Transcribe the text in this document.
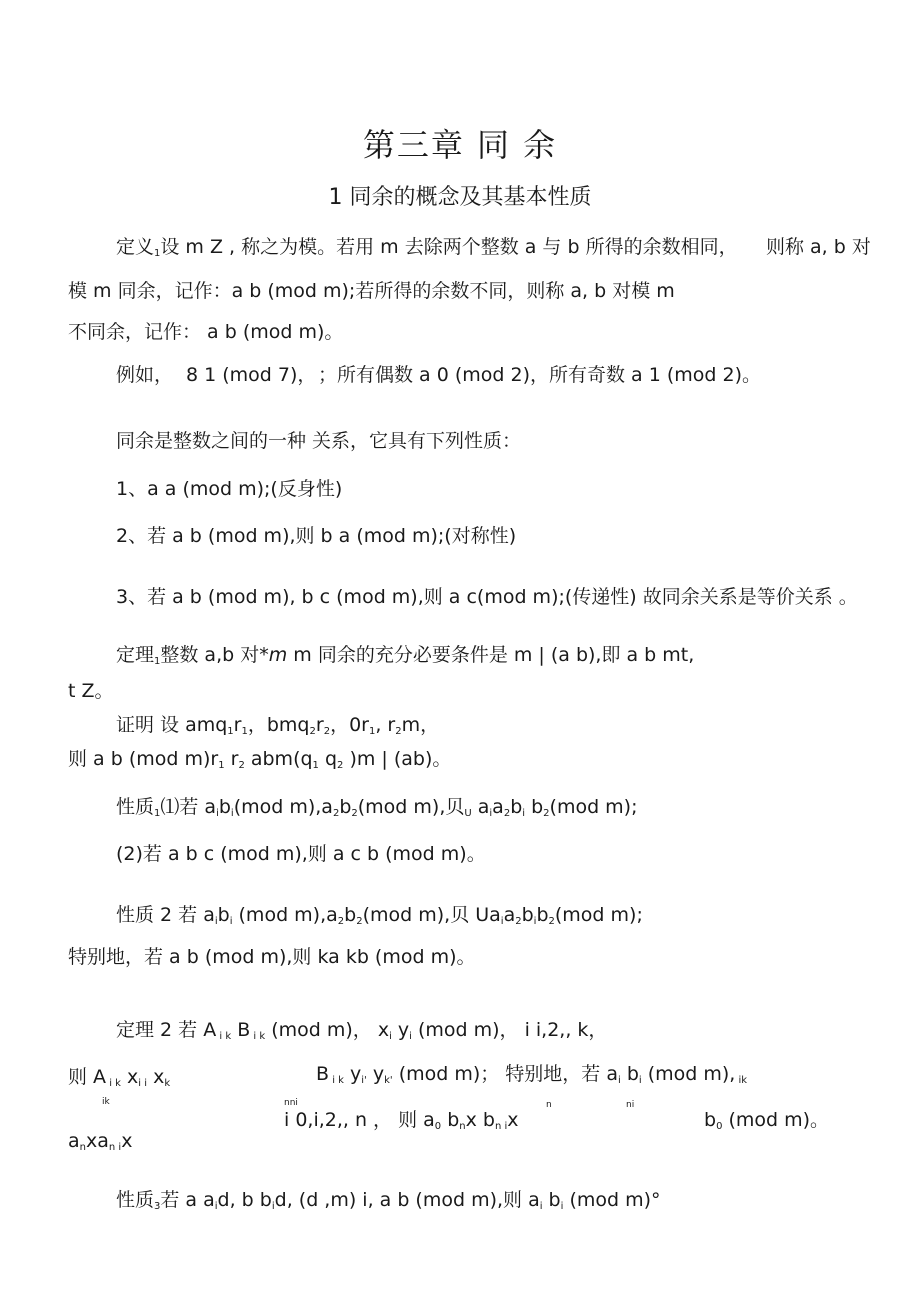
第三章 同 余
1 同余的概念及其基本性质
定义$_1$设 m Z , 称之为模。若用 m 去除两个整数 a 与 b 所得的余数相同， 则称 a, b 对
模 m 同余，记作：a b (mod m);若所得的余数不同，则称 a, b 对模 m
不同余，记作： a b (mod m)。
例如， 8 1 (mod 7)， ；所有偶数 a 0 (mod 2)，所有奇数 a 1 (mod 2)。
同余是整数之间的一种 关系，它具有下列性质：
1、a a (mod m);(反身性)
2、若 a b (mod m),则 b a (mod m);(对称性)
3、若 a b (mod m), b c (mod m),则 a c(mod m);(传递性) 故同余关系是等价关系 。
定理$_1$整数 a,b 对*m m 同余的充分必要条件是 m | (a b),即 a b mt,
t Z。
证明 设 $amq_1r_1$，$bmq_2r_2$，$0r_1$, $r_2m$，
则 a b (mod $m)r_1$ $r_2$ $abm(q_1$ $q_2$ )m | (ab)。
性质$_1$⑴若 $a_ib_i(mod$ $m),a_2b_2(mod$ m),贝$_U$ $a_ia_2b_i$ $b_2(mod$ m);
(2)若 a b c (mod m),则 a c b (mod m)。
性质 2 若 $a_ib_i$ (mod $m),a_2b_2(mod$ m),贝 $Ua_ia_2b_ib_2(mod$ m);
特别地，若 a b (mod m),则 ka kb (mod m)。
定理 2 若 A $_{i k}$ B $_{i k}$ (mod m)， $x_i$ $y_i$ (mod m)， i i,2,, k，
则 A $_{i k}$ $x_{i i}$ $x_k$	B $_{i k}$ $y_{i'}$ $y_{k'}$ (mod m)； 特别地，若 $a_i$ $b_i$ (mod m), $_{ik}$
ik	nni	n	ni
i 0,i,2,, n ， 则 $a_0$ $b_nx$ $b_{n i}x$	$b_0$ (mod m)。
$a_nxa_{n i}x$
性质$_3$若 a $a_id$, b $b_id$, (d ,m) i, a b (mod m),则 $a_i$ $b_i$ (mod m)°
